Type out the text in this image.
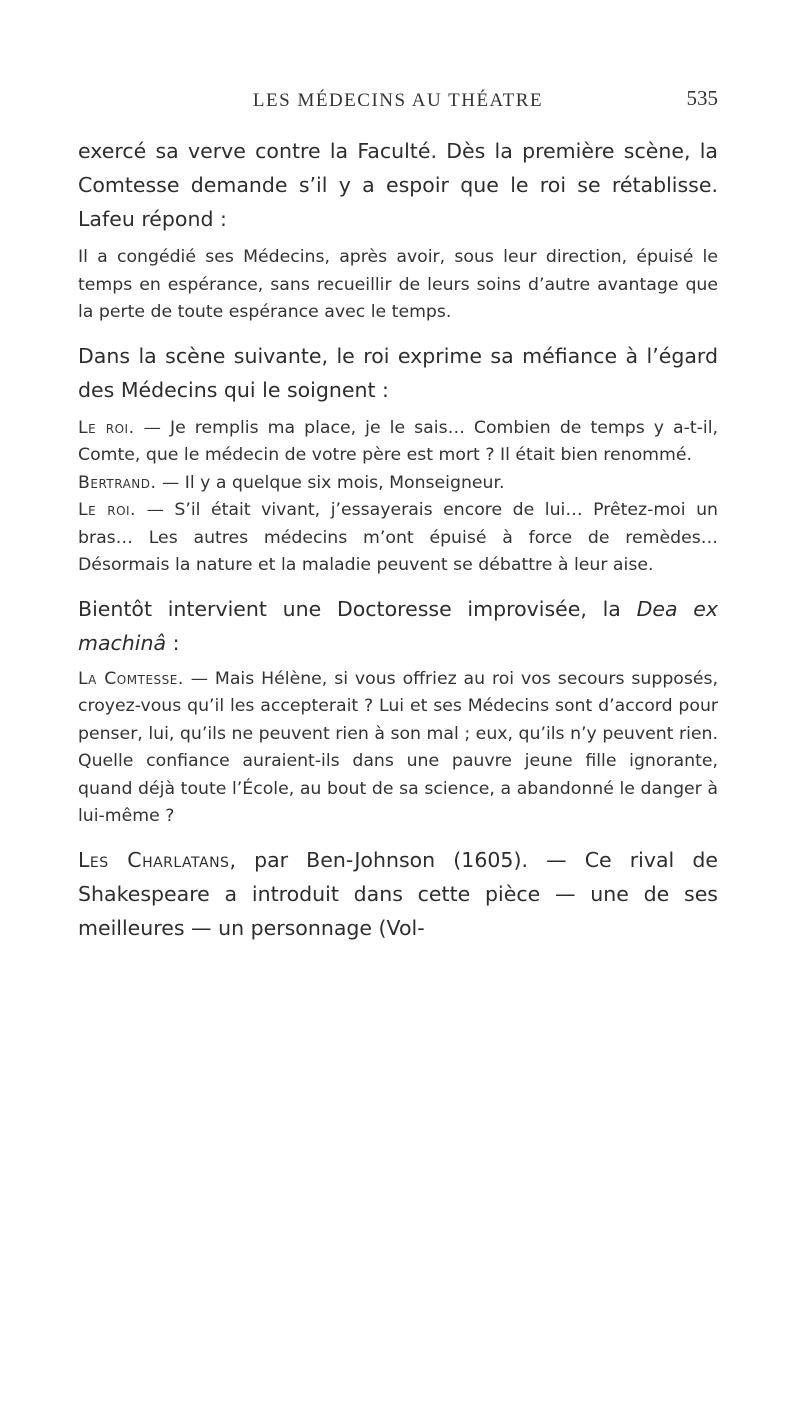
LES MÉDECINS AU THÉATRE	535

exercé sa verve contre la Faculté. Dès la première scène, la Comtesse demande s’il y a espoir que le roi se rétablisse. Lafeu répond :

Il a congédié ses Médecins, après avoir, sous leur direction, épuisé le temps en espérance, sans recueillir de leurs soins d’autre avantage que la perte de toute espérance avec le temps.

Dans la scène suivante, le roi exprime sa méfiance à l’égard des Médecins qui le soignent :

Le roi. — Je remplis ma place, je le sais… Combien de temps y a-t-il, Comte, que le médecin de votre père est mort ? Il était bien renommé.

Bertrand. — Il y a quelque six mois, Monseigneur.

Le roi. — S’il était vivant, j’essayerais encore de lui… Prêtez-moi un bras… Les autres médecins m’ont épuisé à force de remèdes… Désormais la nature et la maladie peuvent se débattre à leur aise.

Bientôt intervient une Doctoresse improvisée, la Dea ex machinâ :

La Comtesse. — Mais Hélène, si vous offriez au roi vos secours supposés, croyez-vous qu’il les accepterait ? Lui et ses Médecins sont d’accord pour penser, lui, qu’ils ne peuvent rien à son mal ; eux, qu’ils n’y peuvent rien. Quelle confiance auraient-ils dans une pauvre jeune fille ignorante, quand déjà toute l’École, au bout de sa science, a abandonné le danger à lui-même ?

Les Charlatans, par Ben-Johnson (1605). — Ce rival de Shakespeare a introduit dans cette pièce — une de ses meilleures — un personnage (Vol-
